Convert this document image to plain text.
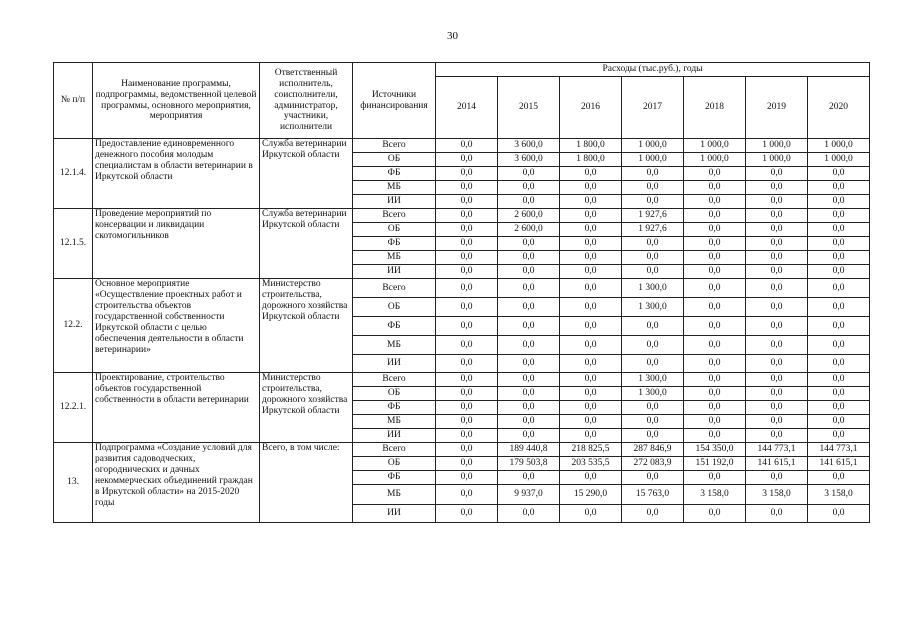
30
№ п/п	Наименование программы, подпрограммы, ведомственной целевой программы, основного мероприятия, мероприятия	Ответственный исполнитель, соисполнители, администратор, участники, исполнители	Источники финансирования	Расходы (тыс.руб.), годы						
				2014	2015	2016	2017	2018	2019	2020
12.1.4.	Предоставление единовременного денежного пособия молодым специалистам в области ветеринарии в Иркутской области	Служба ветеринарии Иркутской области	Всего	0,0	3 600,0	1 800,0	1 000,0	1 000,0	1 000,0	1 000,0
			ОБ	0,0	3 600,0	1 800,0	1 000,0	1 000,0	1 000,0	1 000,0
			ФБ	0,0	0,0	0,0	0,0	0,0	0,0	0,0
			МБ	0,0	0,0	0,0	0,0	0,0	0,0	0,0
			ИИ	0,0	0,0	0,0	0,0	0,0	0,0	0,0
12.1.5.	Проведение мероприятий по консервации и ликвидации скотомогильников	Служба ветеринарии Иркутской области	Всего	0,0	2 600,0	0,0	1 927,6	0,0	0,0	0,0
			ОБ	0,0	2 600,0	0,0	1 927,6	0,0	0,0	0,0
			ФБ	0,0	0,0	0,0	0,0	0,0	0,0	0,0
			МБ	0,0	0,0	0,0	0,0	0,0	0,0	0,0
			ИИ	0,0	0,0	0,0	0,0	0,0	0,0	0,0
12.2.	Основное мероприятие «Осуществление проектных работ и строительства объектов государственной собственности Иркутской области с целью обеспечения деятельности в области ветеринарии»	Министерство строительства, дорожного хозяйства Иркутской области	Всего	0,0	0,0	0,0	1 300,0	0,0	0,0	0,0
			ОБ	0,0	0,0	0,0	1 300,0	0,0	0,0	0,0
			ФБ	0,0	0,0	0,0	0,0	0,0	0,0	0,0
			МБ	0,0	0,0	0,0	0,0	0,0	0,0	0,0
			ИИ	0,0	0,0	0,0	0,0	0,0	0,0	0,0
12.2.1.	Проектирование, строительство объектов государственной собственности в области ветеринарии	Министерство строительства, дорожного хозяйства Иркутской области	Всего	0,0	0,0	0,0	1 300,0	0,0	0,0	0,0
			ОБ	0,0	0,0	0,0	1 300,0	0,0	0,0	0,0
			ФБ	0,0	0,0	0,0	0,0	0,0	0,0	0,0
			МБ	0,0	0,0	0,0	0,0	0,0	0,0	0,0
			ИИ	0,0	0,0	0,0	0,0	0,0	0,0	0,0
13.	Подпрограмма «Создание условий для развития садоводческих, огороднических и дачных некоммерческих объединений граждан в Иркутской области» на 2015-2020 годы	Всего, в том числе:	Всего	0,0	189 440,8	218 825,5	287 846,9	154 350,0	144 773,1	144 773,1
			ОБ	0,0	179 503,8	203 535,5	272 083,9	151 192,0	141 615,1	141 615,1
			ФБ	0,0	0,0	0,0	0,0	0,0	0,0	0,0
			МБ	0,0	9 937,0	15 290,0	15 763,0	3 158,0	3 158,0	3 158,0
			ИИ	0,0	0,0	0,0	0,0	0,0	0,0	0,0
